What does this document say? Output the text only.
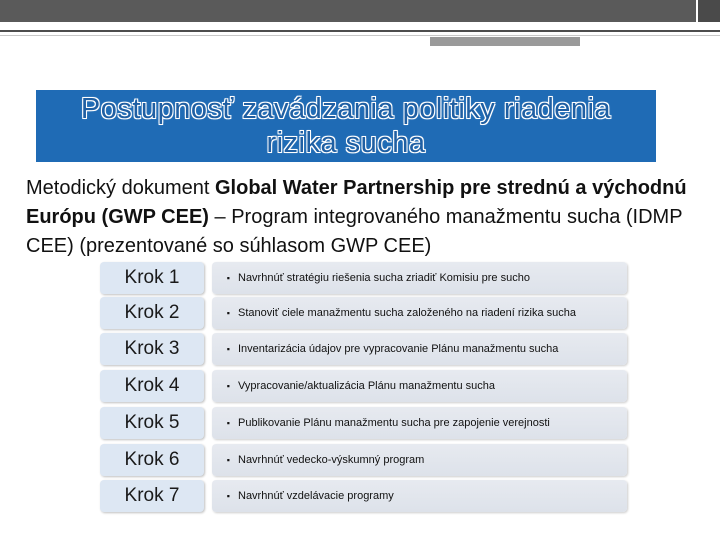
Postupnosť zavádzania politiky riadenia
rizika sucha
Metodický dokument Global Water Partnership pre strednú a východnú Európu (GWP CEE) – Program integrovaného manažmentu sucha (IDMP CEE) (prezentované so súhlasom GWP CEE)
Krok 1	▪ Navrhnúť stratégiu riešenia sucha zriadiť Komisiu pre sucho
Krok 2	▪ Stanoviť ciele manažmentu sucha založeného na riadení rizika sucha
Krok 3	▪ Inventarizácia údajov pre vypracovanie Plánu manažmentu sucha
Krok 4	▪ Vypracovanie/aktualizácia Plánu manažmentu sucha
Krok 5	▪ Publikovanie Plánu manažmentu sucha pre zapojenie verejnosti
Krok 6	▪ Navrhnúť vedecko-výskumný program
Krok 7	▪ Navrhnúť vzdelávacie programy
